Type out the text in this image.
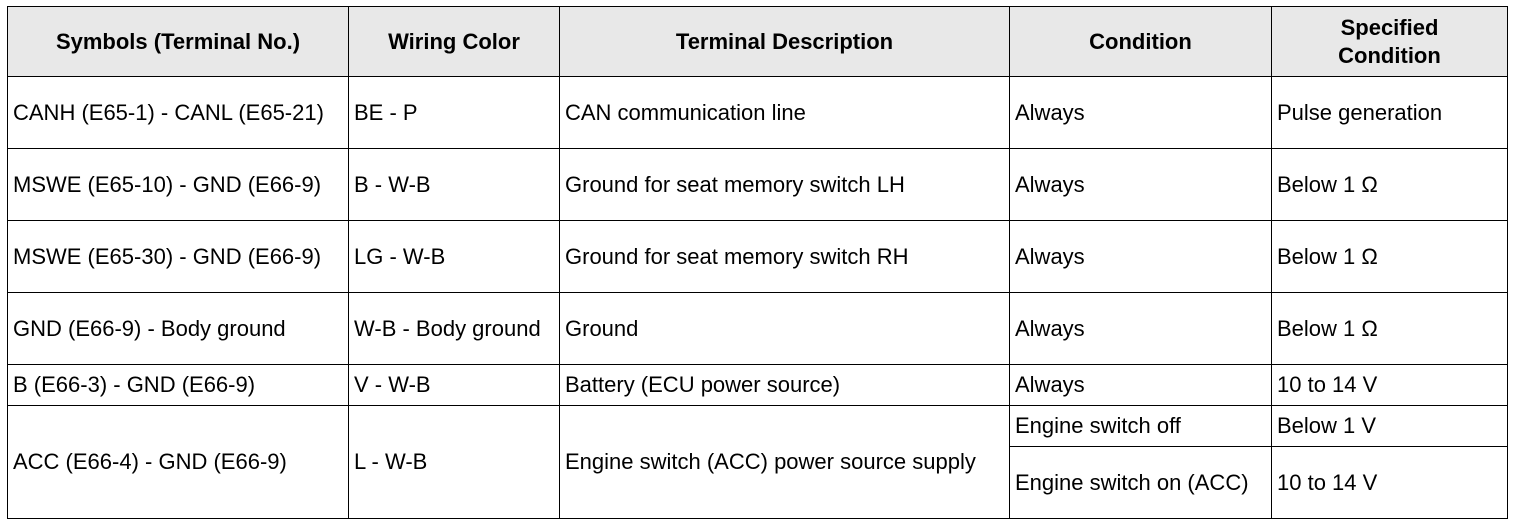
Symbols (Terminal No.)	Wiring Color	Terminal Description	Condition	Specified Condition
CANH (E65-1) - CANL (E65-21)	BE - P	CAN communication line	Always	Pulse generation
MSWE (E65-10) - GND (E66-9)	B - W-B	Ground for seat memory switch LH	Always	Below 1 Ω
MSWE (E65-30) - GND (E66-9)	LG - W-B	Ground for seat memory switch RH	Always	Below 1 Ω
GND (E66-9) - Body ground	W-B - Body ground	Ground	Always	Below 1 Ω
B (E66-3) - GND (E66-9)	V - W-B	Battery (ECU power source)	Always	10 to 14 V
ACC (E66-4) - GND (E66-9)	L - W-B	Engine switch (ACC) power source supply	Engine switch off	Below 1 V
			Engine switch on (ACC)	10 to 14 V
